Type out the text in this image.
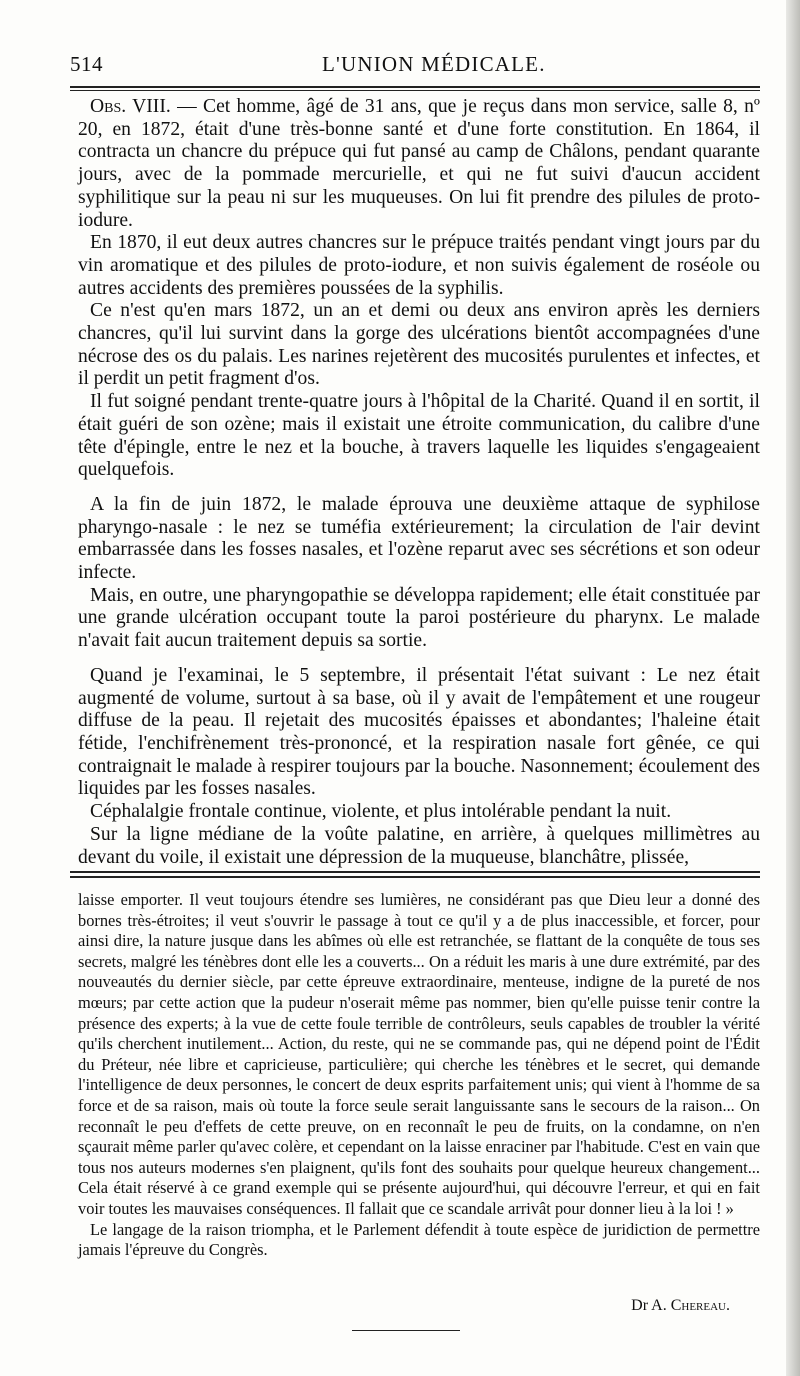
514	L'UNION MÉDICALE.

Obs. VIII. — Cet homme, âgé de 31 ans, que je reçus dans mon service, salle 8, nº 20, en 1872, était d'une très-bonne santé et d'une forte constitution. En 1864, il contracta un chancre du prépuce qui fut pansé au camp de Châlons, pendant quarante jours, avec de la pommade mercurielle, et qui ne fut suivi d'aucun accident syphilitique sur la peau ni sur les muqueuses. On lui fit prendre des pilules de proto-iodure.

En 1870, il eut deux autres chancres sur le prépuce traités pendant vingt jours par du vin aromatique et des pilules de proto-iodure, et non suivis également de roséole ou autres accidents des premières poussées de la syphilis.

Ce n'est qu'en mars 1872, un an et demi ou deux ans environ après les derniers chancres, qu'il lui survint dans la gorge des ulcérations bientôt accompagnées d'une nécrose des os du palais. Les narines rejetèrent des mucosités purulentes et infectes, et il perdit un petit fragment d'os.

Il fut soigné pendant trente-quatre jours à l'hôpital de la Charité. Quand il en sortit, il était guéri de son ozène; mais il existait une étroite communication, du calibre d'une tête d'épingle, entre le nez et la bouche, à travers laquelle les liquides s'engageaient quelquefois.

A la fin de juin 1872, le malade éprouva une deuxième attaque de syphilose pharyngo-nasale : le nez se tuméfia extérieurement; la circulation de l'air devint embarrassée dans les fosses nasales, et l'ozène reparut avec ses sécrétions et son odeur infecte.

Mais, en outre, une pharyngopathie se développa rapidement; elle était constituée par une grande ulcération occupant toute la paroi postérieure du pharynx. Le malade n'avait fait aucun traitement depuis sa sortie.

Quand je l'examinai, le 5 septembre, il présentait l'état suivant : Le nez était augmenté de volume, surtout à sa base, où il y avait de l'empâtement et une rougeur diffuse de la peau. Il rejetait des mucosités épaisses et abondantes; l'haleine était fétide, l'enchifrènement très-prononcé, et la respiration nasale fort gênée, ce qui contraignait le malade à respirer toujours par la bouche. Nasonnement; écoulement des liquides par les fosses nasales.

Céphalalgie frontale continue, violente, et plus intolérable pendant la nuit.

Sur la ligne médiane de la voûte palatine, en arrière, à quelques millimètres au devant du voile, il existait une dépression de la muqueuse, blanchâtre, plissée,

laisse emporter. Il veut toujours étendre ses lumières, ne considérant pas que Dieu leur a donné des bornes très-étroites; il veut s'ouvrir le passage à tout ce qu'il y a de plus inaccessible, et forcer, pour ainsi dire, la nature jusque dans les abîmes où elle est retranchée, se flattant de la conquête de tous ses secrets, malgré les ténèbres dont elle les a couverts... On a réduit les maris à une dure extrémité, par des nouveautés du dernier siècle, par cette épreuve extraordinaire, menteuse, indigne de la pureté de nos mœurs; par cette action que la pudeur n'oserait même pas nommer, bien qu'elle puisse tenir contre la présence des experts; à la vue de cette foule terrible de contrôleurs, seuls capables de troubler la vérité qu'ils cherchent inutilement... Action, du reste, qui ne se commande pas, qui ne dépend point de l'Édit du Préteur, née libre et capricieuse, particulière; qui cherche les ténèbres et le secret, qui demande l'intelligence de deux personnes, le concert de deux esprits parfaitement unis; qui vient à l'homme de sa force et de sa raison, mais où toute la force seule serait languissante sans le secours de la raison... On reconnaît le peu d'effets de cette preuve, on en reconnaît le peu de fruits, on la condamne, on n'en sçaurait même parler qu'avec colère, et cependant on la laisse enraciner par l'habitude. C'est en vain que tous nos auteurs modernes s'en plaignent, qu'ils font des souhaits pour quelque heureux changement... Cela était réservé à ce grand exemple qui se présente aujourd'hui, qui découvre l'erreur, et qui en fait voir toutes les mauvaises conséquences. Il fallait que ce scandale arrivât pour donner lieu à la loi ! »

Le langage de la raison triompha, et le Parlement défendit à toute espèce de juridiction de permettre jamais l'épreuve du Congrès.

Dr A. Chereau.
